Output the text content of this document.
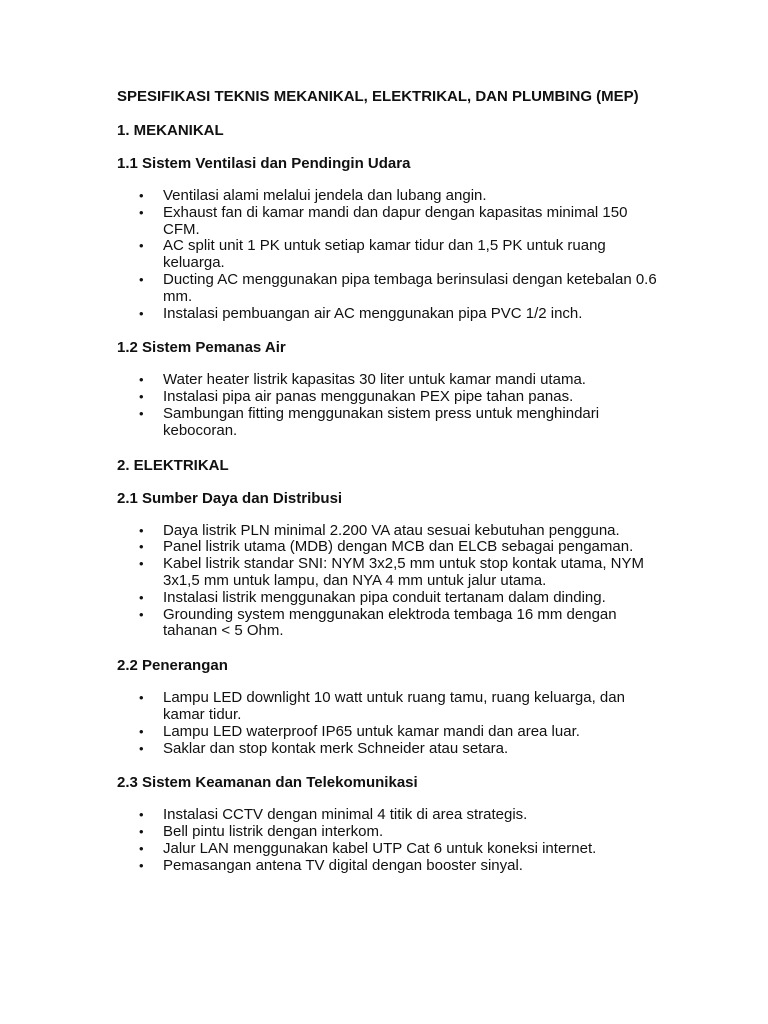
SPESIFIKASI TEKNIS MEKANIKAL, ELEKTRIKAL, DAN PLUMBING (MEP)
1. MEKANIKAL
1.1 Sistem Ventilasi dan Pendingin Udara
• Ventilasi alami melalui jendela dan lubang angin.
• Exhaust fan di kamar mandi dan dapur dengan kapasitas minimal 150 CFM.
• AC split unit 1 PK untuk setiap kamar tidur dan 1,5 PK untuk ruang keluarga.
• Ducting AC menggunakan pipa tembaga berinsulasi dengan ketebalan 0.6 mm.
• Instalasi pembuangan air AC menggunakan pipa PVC 1/2 inch.
1.2 Sistem Pemanas Air
• Water heater listrik kapasitas 30 liter untuk kamar mandi utama.
• Instalasi pipa air panas menggunakan PEX pipe tahan panas.
• Sambungan fitting menggunakan sistem press untuk menghindari kebocoran.
2. ELEKTRIKAL
2.1 Sumber Daya dan Distribusi
• Daya listrik PLN minimal 2.200 VA atau sesuai kebutuhan pengguna.
• Panel listrik utama (MDB) dengan MCB dan ELCB sebagai pengaman.
• Kabel listrik standar SNI: NYM 3x2,5 mm untuk stop kontak utama, NYM 3x1,5 mm untuk lampu, dan NYA 4 mm untuk jalur utama.
• Instalasi listrik menggunakan pipa conduit tertanam dalam dinding.
• Grounding system menggunakan elektroda tembaga 16 mm dengan tahanan < 5 Ohm.
2.2 Penerangan
• Lampu LED downlight 10 watt untuk ruang tamu, ruang keluarga, dan kamar tidur.
• Lampu LED waterproof IP65 untuk kamar mandi dan area luar.
• Saklar dan stop kontak merk Schneider atau setara.
2.3 Sistem Keamanan dan Telekomunikasi
• Instalasi CCTV dengan minimal 4 titik di area strategis.
• Bell pintu listrik dengan interkom.
• Jalur LAN menggunakan kabel UTP Cat 6 untuk koneksi internet.
• Pemasangan antena TV digital dengan booster sinyal.
